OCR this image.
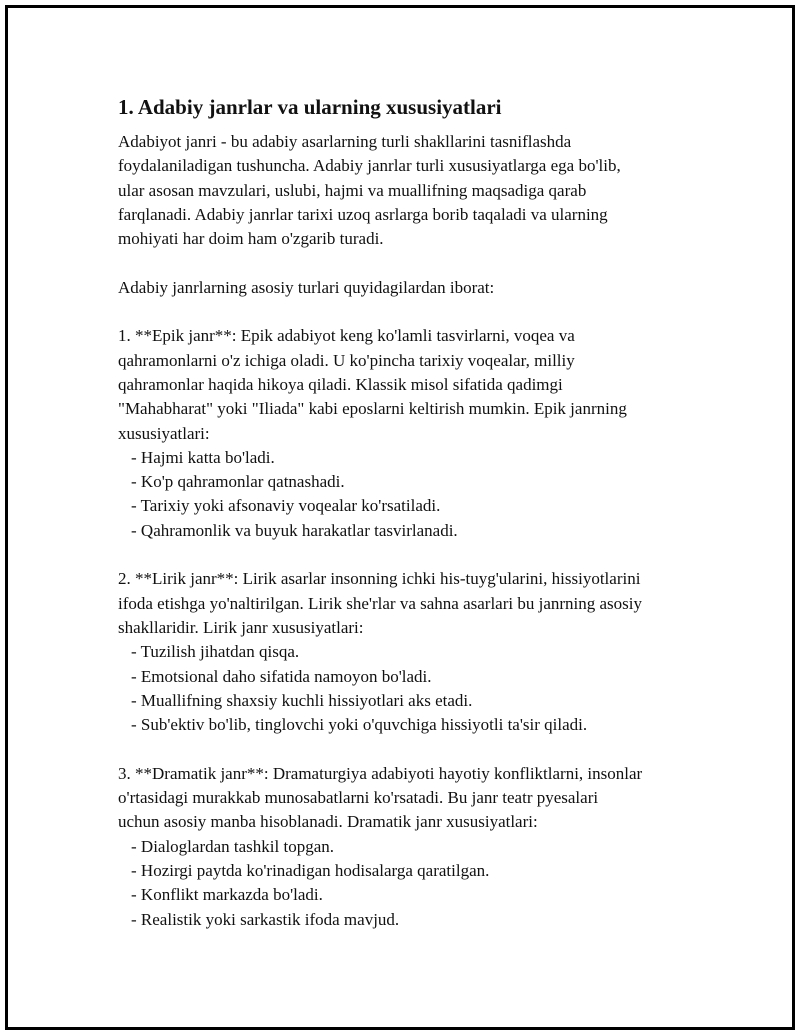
1. Adabiy janrlar va ularning xususiyatlari
Adabiyot janri - bu adabiy asarlarning turli shakllarini tasniflashda
foydalaniladigan tushuncha. Adabiy janrlar turli xususiyatlarga ega bo'lib,
ular asosan mavzulari, uslubi, hajmi va muallifning maqsadiga qarab
farqlanadi. Adabiy janrlar tarixi uzoq asrlarga borib taqaladi va ularning
mohiyati har doim ham o'zgarib turadi.
Adabiy janrlarning asosiy turlari quyidagilardan iborat:
1. **Epik janr**: Epik adabiyot keng ko'lamli tasvirlarni, voqea va
qahramonlarni o'z ichiga oladi. U ko'pincha tarixiy voqealar, milliy
qahramonlar haqida hikoya qiladi. Klassik misol sifatida qadimgi
"Mahabharat" yoki "Iliada" kabi eposlarni keltirish mumkin. Epik janrning
xususiyatlari:
- Hajmi katta bo'ladi.
- Ko'p qahramonlar qatnashadi.
- Tarixiy yoki afsonaviy voqealar ko'rsatiladi.
- Qahramonlik va buyuk harakatlar tasvirlanadi.
2. **Lirik janr**: Lirik asarlar insonning ichki his-tuyg'ularini, hissiyotlarini
ifoda etishga yo'naltirilgan. Lirik she'rlar va sahna asarlari bu janrning asosiy
shakllaridir. Lirik janr xususiyatlari:
- Tuzilish jihatdan qisqa.
- Emotsional daho sifatida namoyon bo'ladi.
- Muallifning shaxsiy kuchli hissiyotlari aks etadi.
- Sub'ektiv bo'lib, tinglovchi yoki o'quvchiga hissiyotli ta'sir qiladi.
3. **Dramatik janr**: Dramaturgiya adabiyoti hayotiy konfliktlarni, insonlar
o'rtasidagi murakkab munosabatlarni ko'rsatadi. Bu janr teatr pyesalari
uchun asosiy manba hisoblanadi. Dramatik janr xususiyatlari:
- Dialoglardan tashkil topgan.
- Hozirgi paytda ko'rinadigan hodisalarga qaratilgan.
- Konflikt markazda bo'ladi.
- Realistik yoki sarkastik ifoda mavjud.
